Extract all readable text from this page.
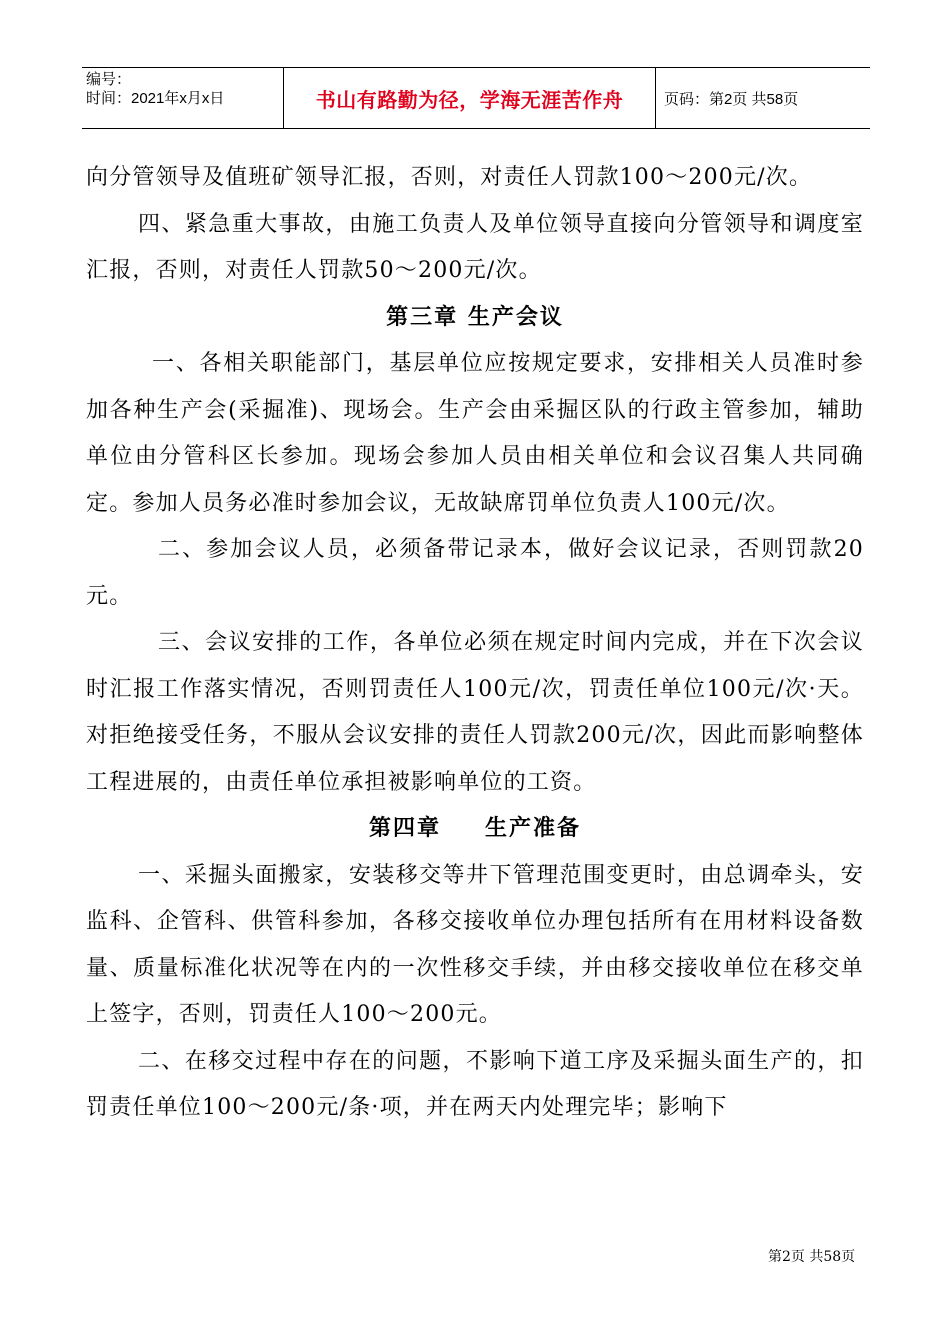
编号：
时间：2021年x月x日	书山有路勤为径，学海无涯苦作舟	页码：第2页 共58页

向分管领导及值班矿领导汇报，否则，对责任人罚款100～200元/次。

四、紧急重大事故，由施工负责人及单位领导直接向分管领导和调度室汇报，否则，对责任人罚款50～200元/次。

第三章 生产会议

一、各相关职能部门，基层单位应按规定要求，安排相关人员准时参加各种生产会(采掘准)、现场会。生产会由采掘区队的行政主管参加，辅助单位由分管科区长参加。现场会参加人员由相关单位和会议召集人共同确定。参加人员务必准时参加会议，无故缺席罚单位负责人100元/次。

二、参加会议人员，必须备带记录本，做好会议记录，否则罚款20元。

三、会议安排的工作，各单位必须在规定时间内完成，并在下次会议时汇报工作落实情况，否则罚责任人100元/次，罚责任单位100元/次·天。对拒绝接受任务，不服从会议安排的责任人罚款200元/次，因此而影响整体工程进展的，由责任单位承担被影响单位的工资。

第四章 生产准备

一、采掘头面搬家，安装移交等井下管理范围变更时，由总调牵头，安监科、企管科、供管科参加，各移交接收单位办理包括所有在用材料设备数量、质量标准化状况等在内的一次性移交手续，并由移交接收单位在移交单上签字，否则，罚责任人100～200元。

二、在移交过程中存在的问题，不影响下道工序及采掘头面生产的，扣罚责任单位100～200元/条·项，并在两天内处理完毕；影响下

第2页 共58页
